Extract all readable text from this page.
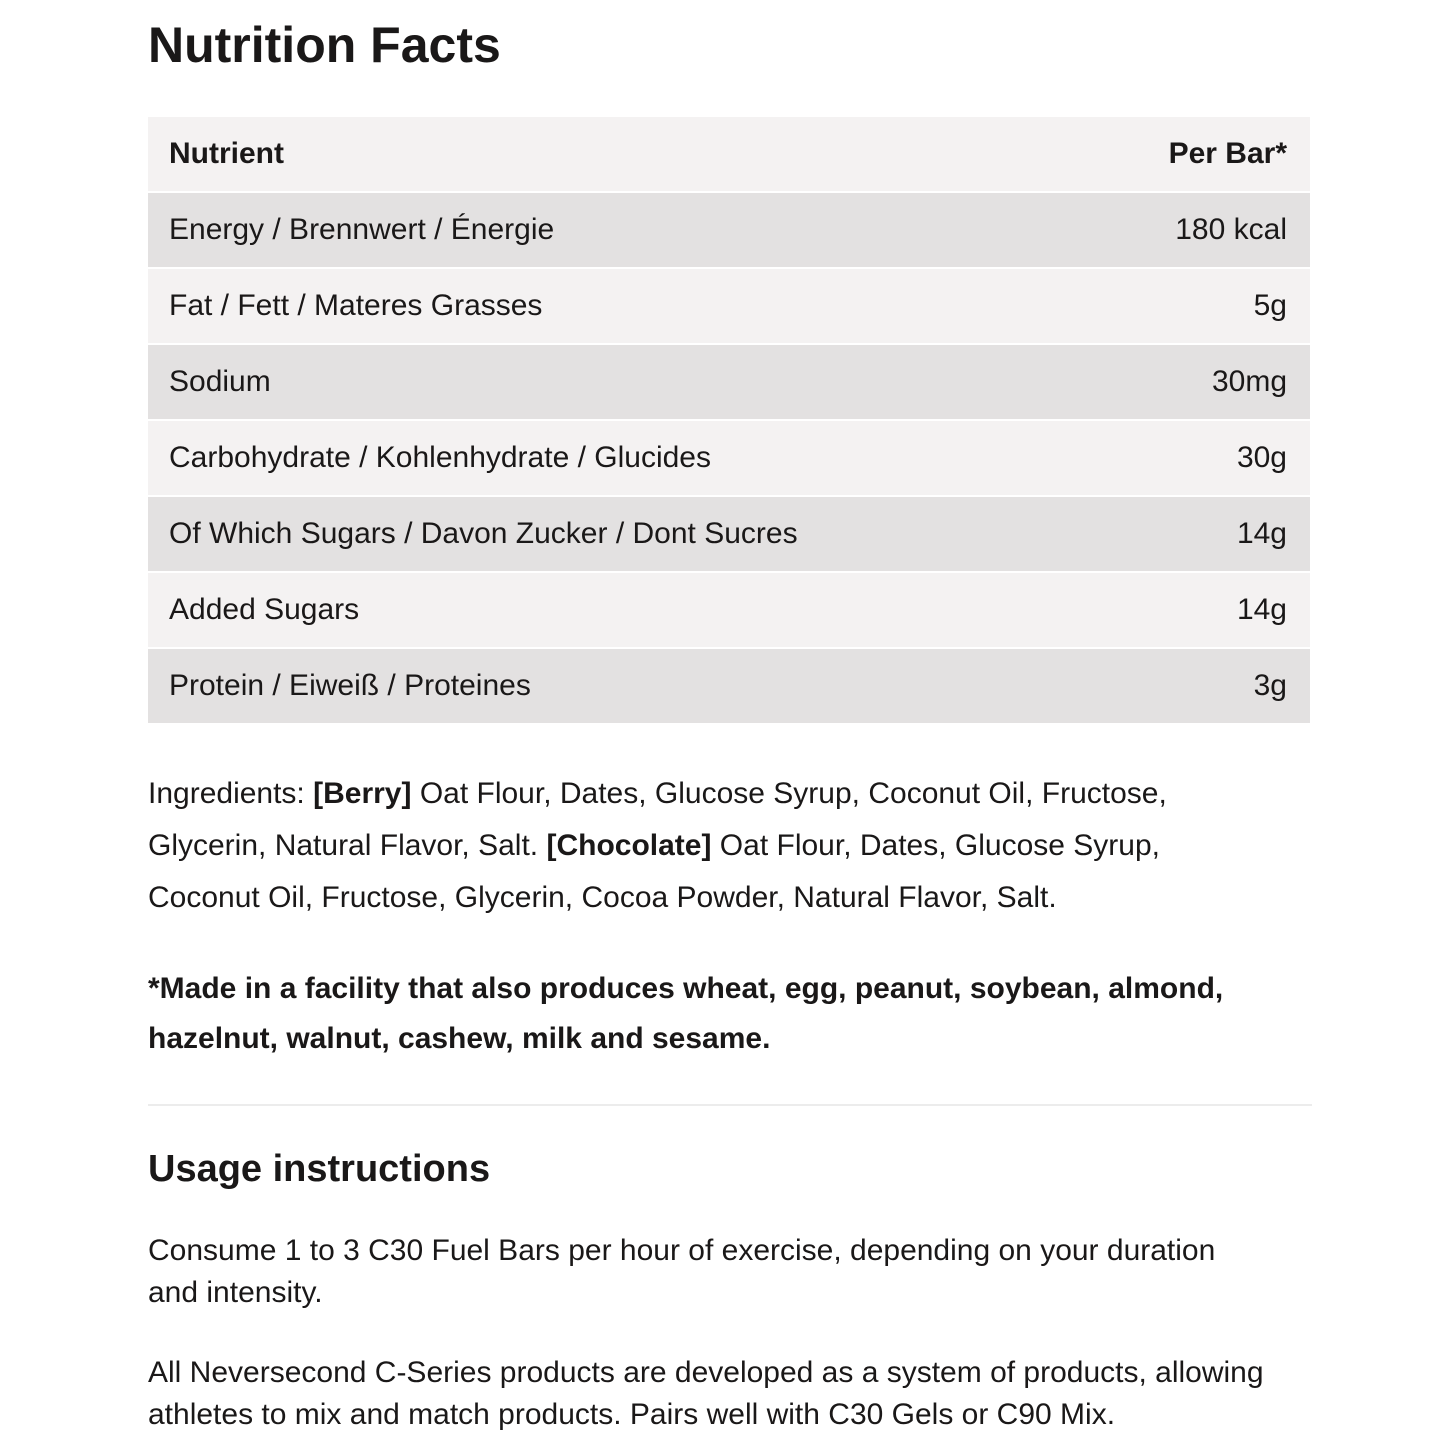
Nutrition Facts
Nutrient	Per Bar*
Energy / Brennwert / Énergie	180 kcal
Fat / Fett / Materes Grasses	5g
Sodium	30mg
Carbohydrate / Kohlenhydrate / Glucides	30g
Of Which Sugars / Davon Zucker / Dont Sucres	14g
Added Sugars	14g
Protein / Eiweiß / Proteines	3g

Ingredients: [Berry] Oat Flour, Dates, Glucose Syrup, Coconut Oil, Fructose, Glycerin, Natural Flavor, Salt. [Chocolate] Oat Flour, Dates, Glucose Syrup, Coconut Oil, Fructose, Glycerin, Cocoa Powder, Natural Flavor, Salt.

*Made in a facility that also produces wheat, egg, peanut, soybean, almond, hazelnut, walnut, cashew, milk and sesame.

Usage instructions

Consume 1 to 3 C30 Fuel Bars per hour of exercise, depending on your duration and intensity.

All Neversecond C-Series products are developed as a system of products, allowing athletes to mix and match products. Pairs well with C30 Gels or C90 Mix.
